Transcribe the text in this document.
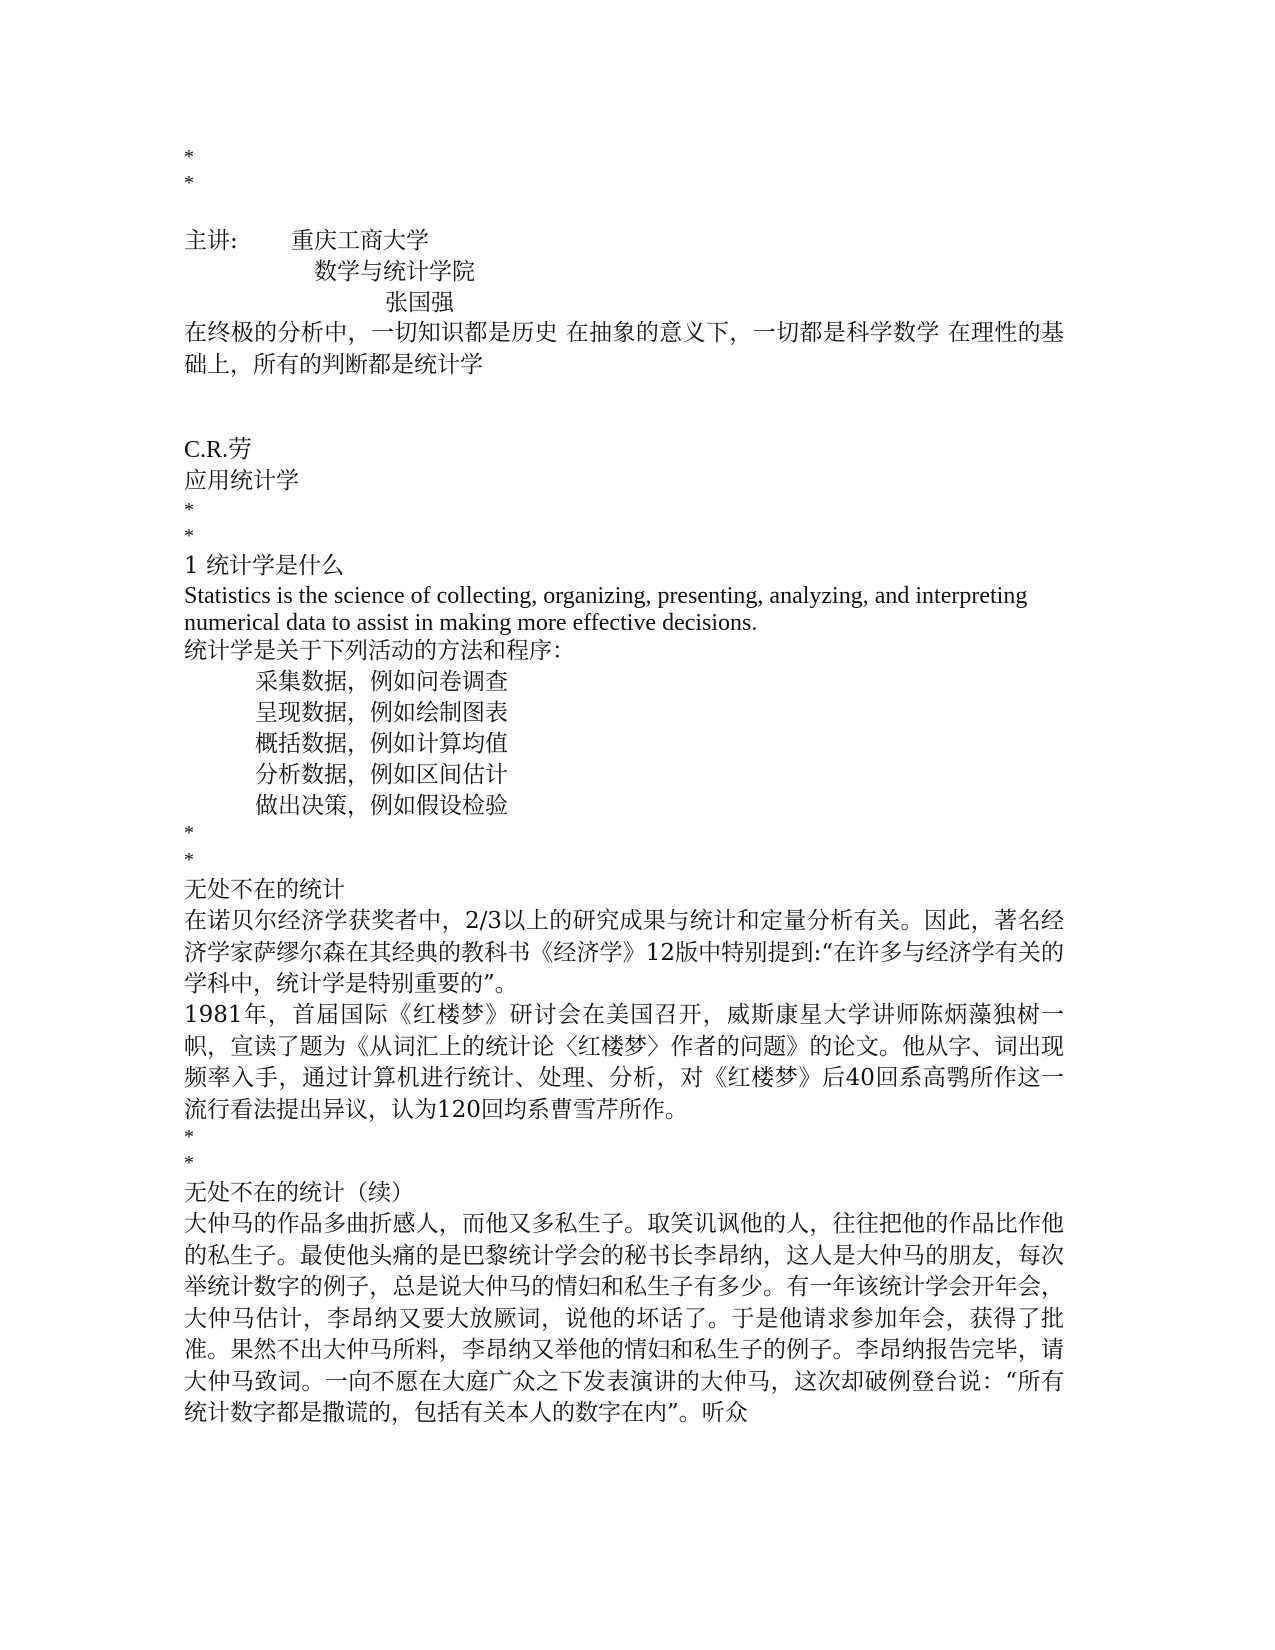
*
*
主讲: 重庆工商大学
数学与统计学院
张国强
在终极的分析中，一切知识都是历史 在抽象的意义下，一切都是科学数学 在理性的基础上，所有的判断都是统计学
C.R.劳
应用统计学
*
*
1 统计学是什么
Statistics is the science of collecting, organizing, presenting, analyzing, and interpreting numerical data to assist in making more effective decisions.
统计学是关于下列活动的方法和程序：
采集数据，例如问卷调查
呈现数据，例如绘制图表
概括数据，例如计算均值
分析数据，例如区间估计
做出决策，例如假设检验
*
*
无处不在的统计
在诺贝尔经济学获奖者中，2/3以上的研究成果与统计和定量分析有关。因此，著名经济学家萨缪尔森在其经典的教科书《经济学》12版中特别提到:“在许多与经济学有关的学科中，统计学是特别重要的”。
1981年，首届国际《红楼梦》研讨会在美国召开，威斯康星大学讲师陈炳藻独树一帜，宣读了题为《从词汇上的统计论〈红楼梦〉作者的问题》的论文。他从字、词出现频率入手，通过计算机进行统计、处理、分析，对《红楼梦》后40回系高鹗所作这一流行看法提出异议，认为120回均系曹雪芹所作。
*
*
无处不在的统计（续）
大仲马的作品多曲折感人，而他又多私生子。取笑讥讽他的人，往往把他的作品比作他的私生子。最使他头痛的是巴黎统计学会的秘书长李昂纳，这人是大仲马的朋友，每次举统计数字的例子，总是说大仲马的情妇和私生子有多少。有一年该统计学会开年会，大仲马估计，李昂纳又要大放厥词，说他的坏话了。于是他请求参加年会，获得了批准。果然不出大仲马所料，李昂纳又举他的情妇和私生子的例子。李昂纳报告完毕，请大仲马致词。一向不愿在大庭广众之下发表演讲的大仲马，这次却破例登台说：“所有统计数字都是撒谎的，包括有关本人的数字在内”。听众
